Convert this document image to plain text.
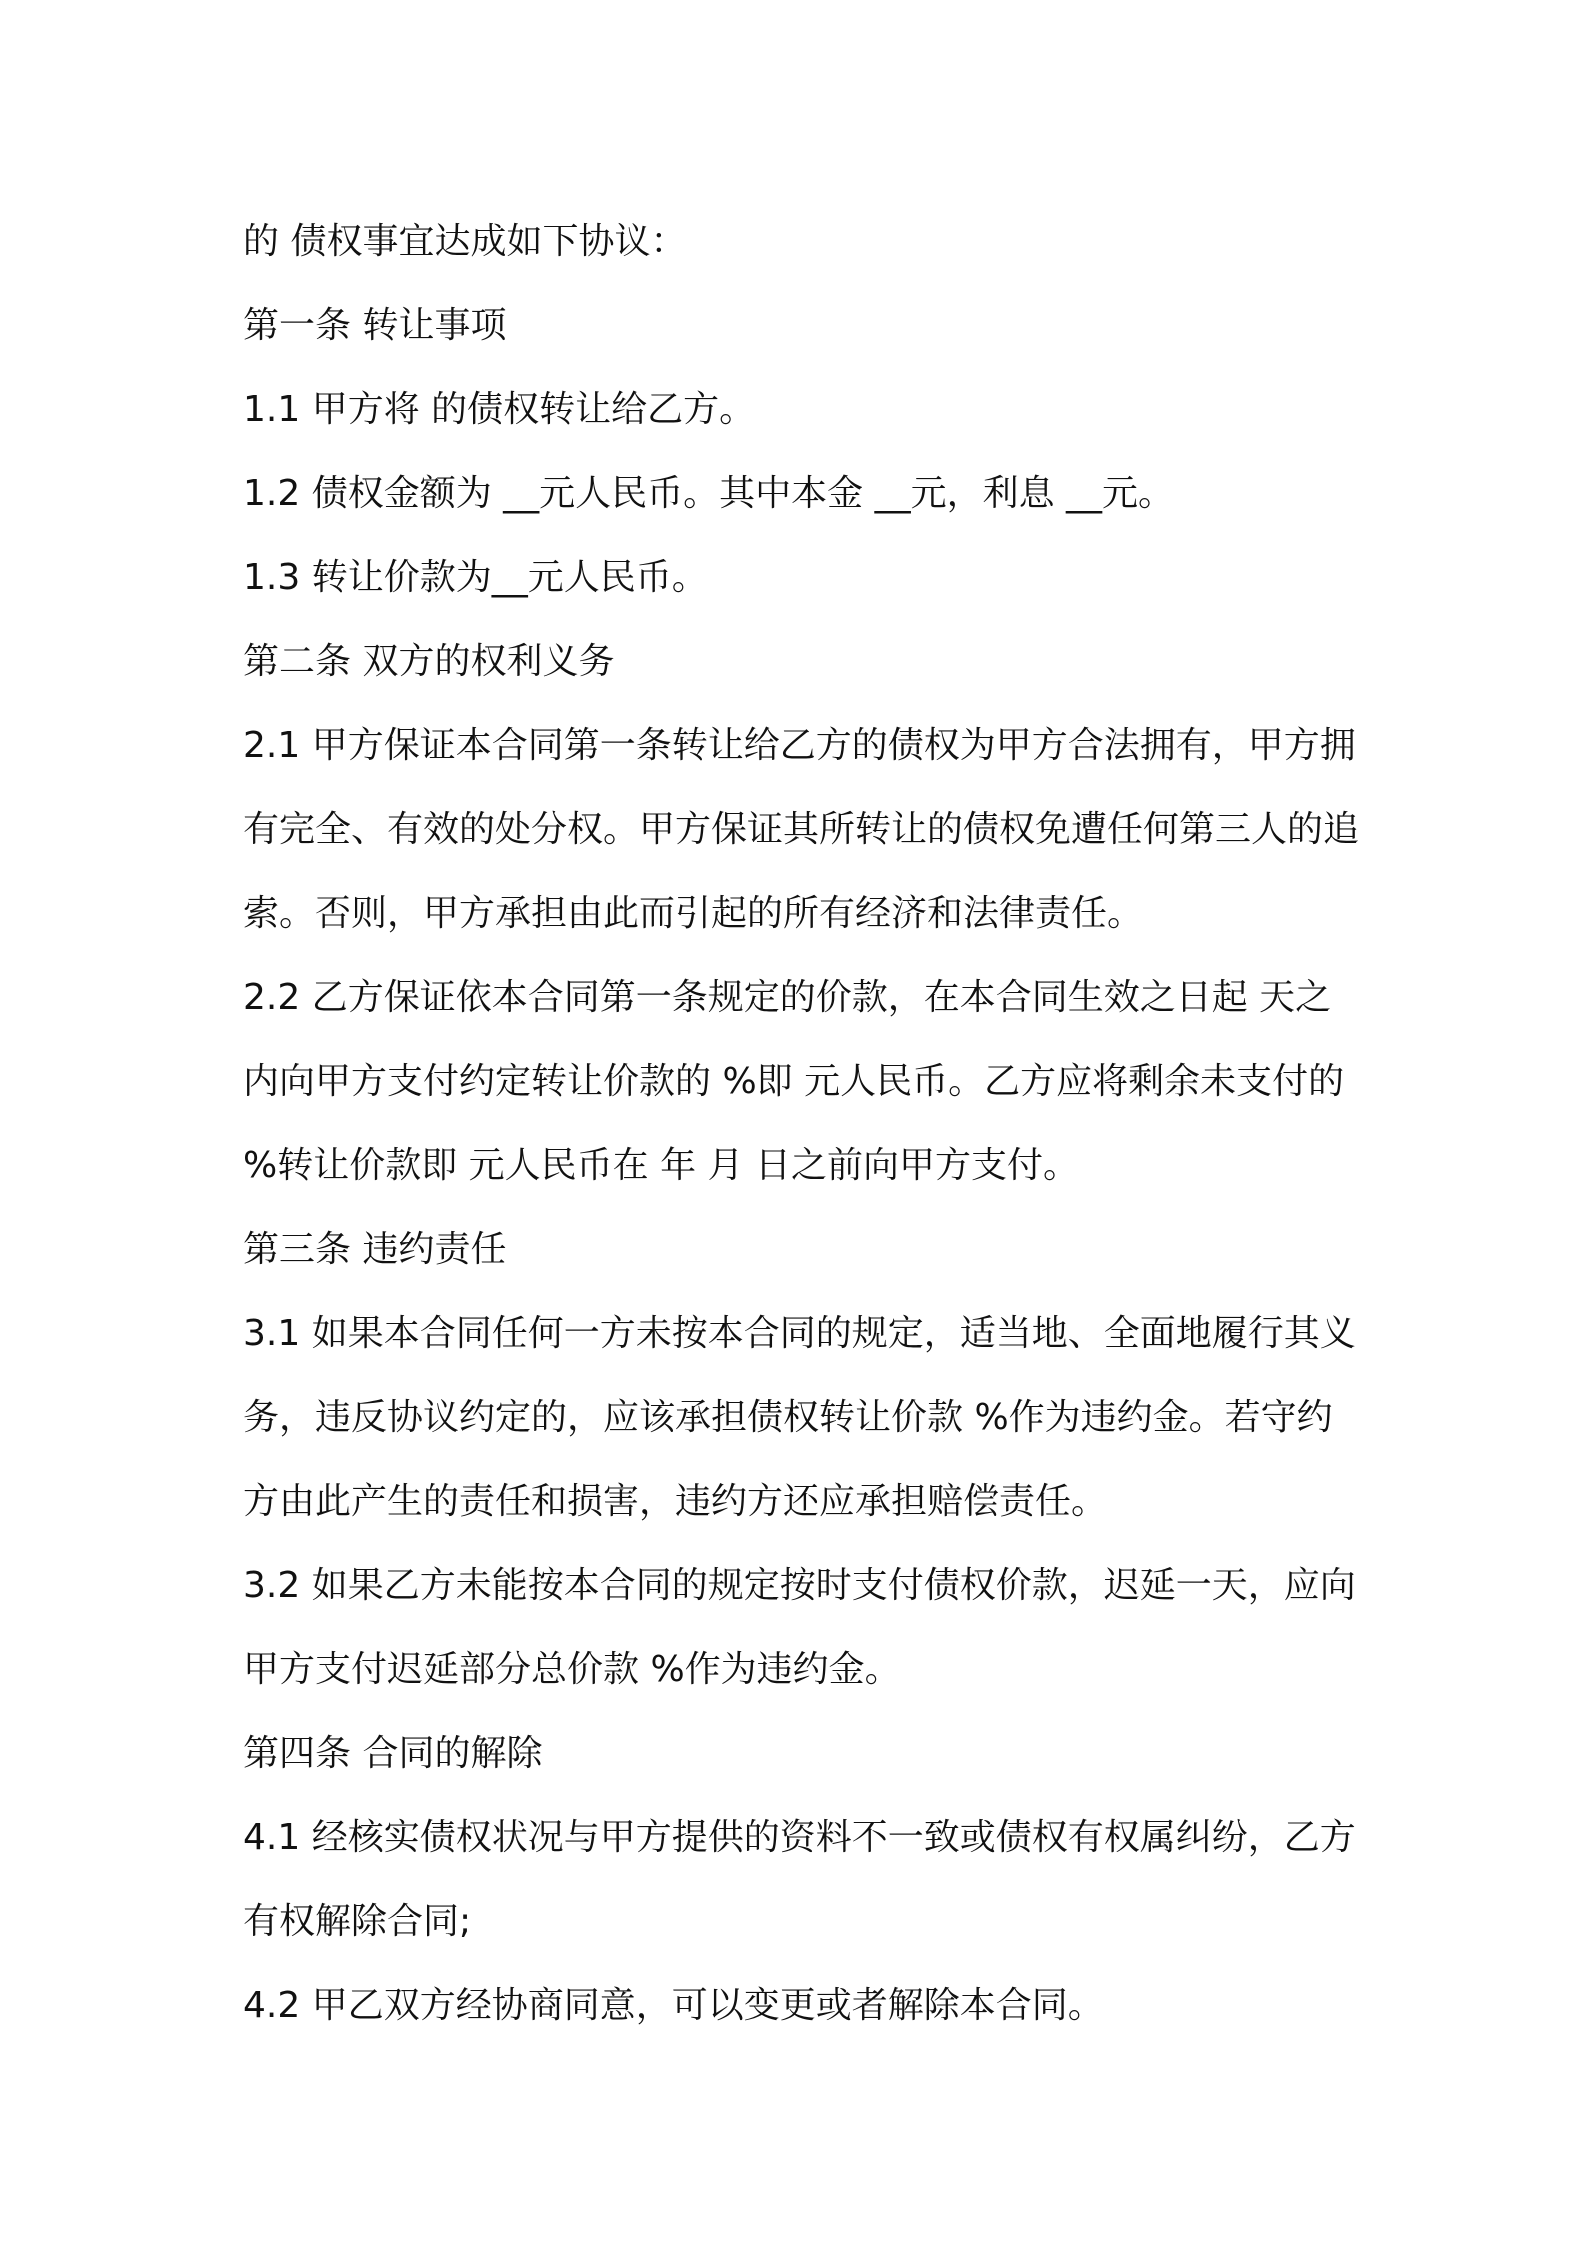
的 债权事宜达成如下协议：

第一条 转让事项

1.1 甲方将 的债权转让给乙方。

1.2 债权金额为 __元人民币。其中本金 __元，利息 __元。

1.3 转让价款为__元人民币。

第二条 双方的权利义务

2.1 甲方保证本合同第一条转让给乙方的债权为甲方合法拥有，甲方拥有完全、有效的处分权。甲方保证其所转让的债权免遭任何第三人的追索。否则，甲方承担由此而引起的所有经济和法律责任。

2.2 乙方保证依本合同第一条规定的价款，在本合同生效之日起 天之内向甲方支付约定转让价款的 %即 元人民币。乙方应将剩余未支付的 %转让价款即 元人民币在 年 月 日之前向甲方支付。

第三条 违约责任

3.1 如果本合同任何一方未按本合同的规定，适当地、全面地履行其义务，违反协议约定的，应该承担债权转让价款 %作为违约金。若守约方由此产生的责任和损害，违约方还应承担赔偿责任。

3.2 如果乙方未能按本合同的规定按时支付债权价款，迟延一天，应向甲方支付迟延部分总价款 %作为违约金。

第四条 合同的解除

4.1 经核实债权状况与甲方提供的资料不一致或债权有权属纠纷，乙方有权解除合同;

4.2 甲乙双方经协商同意，可以变更或者解除本合同。
